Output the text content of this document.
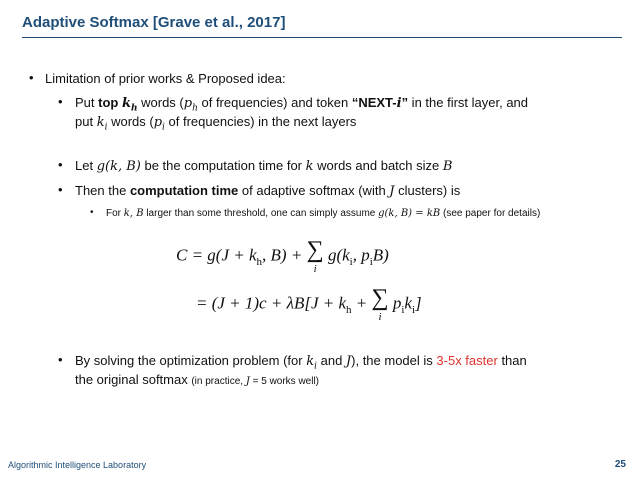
Adaptive Softmax [Grave et al., 2017]
• Limitation of prior works & Proposed idea:
• Put top $k_h$ words ($p_h$ of frequencies) and token “NEXT-i” in the first layer, and
put $k_i$ words ($p_i$ of frequencies) in the next layers
• Let g(k, B) be the computation time for k words and batch size B
• Then the computation time of adaptive softmax (with J clusters) is
• For k, B larger than some threshold, one can simply assume g(k, B) = kB (see paper for details)
$C = g(J + k_h$, B) + ∑
i
$g(k_i$, $p_iB$)
= $(J + 1)c + \lambda B[J + k_h$ + ∑
i
$p_ik_i$]
• By solving the optimization problem (for $k_i$ and J), the model is 3-5x faster than
the original softmax (in practice, J = 5 works well)
Algorithmic Intelligence Laboratory	25
